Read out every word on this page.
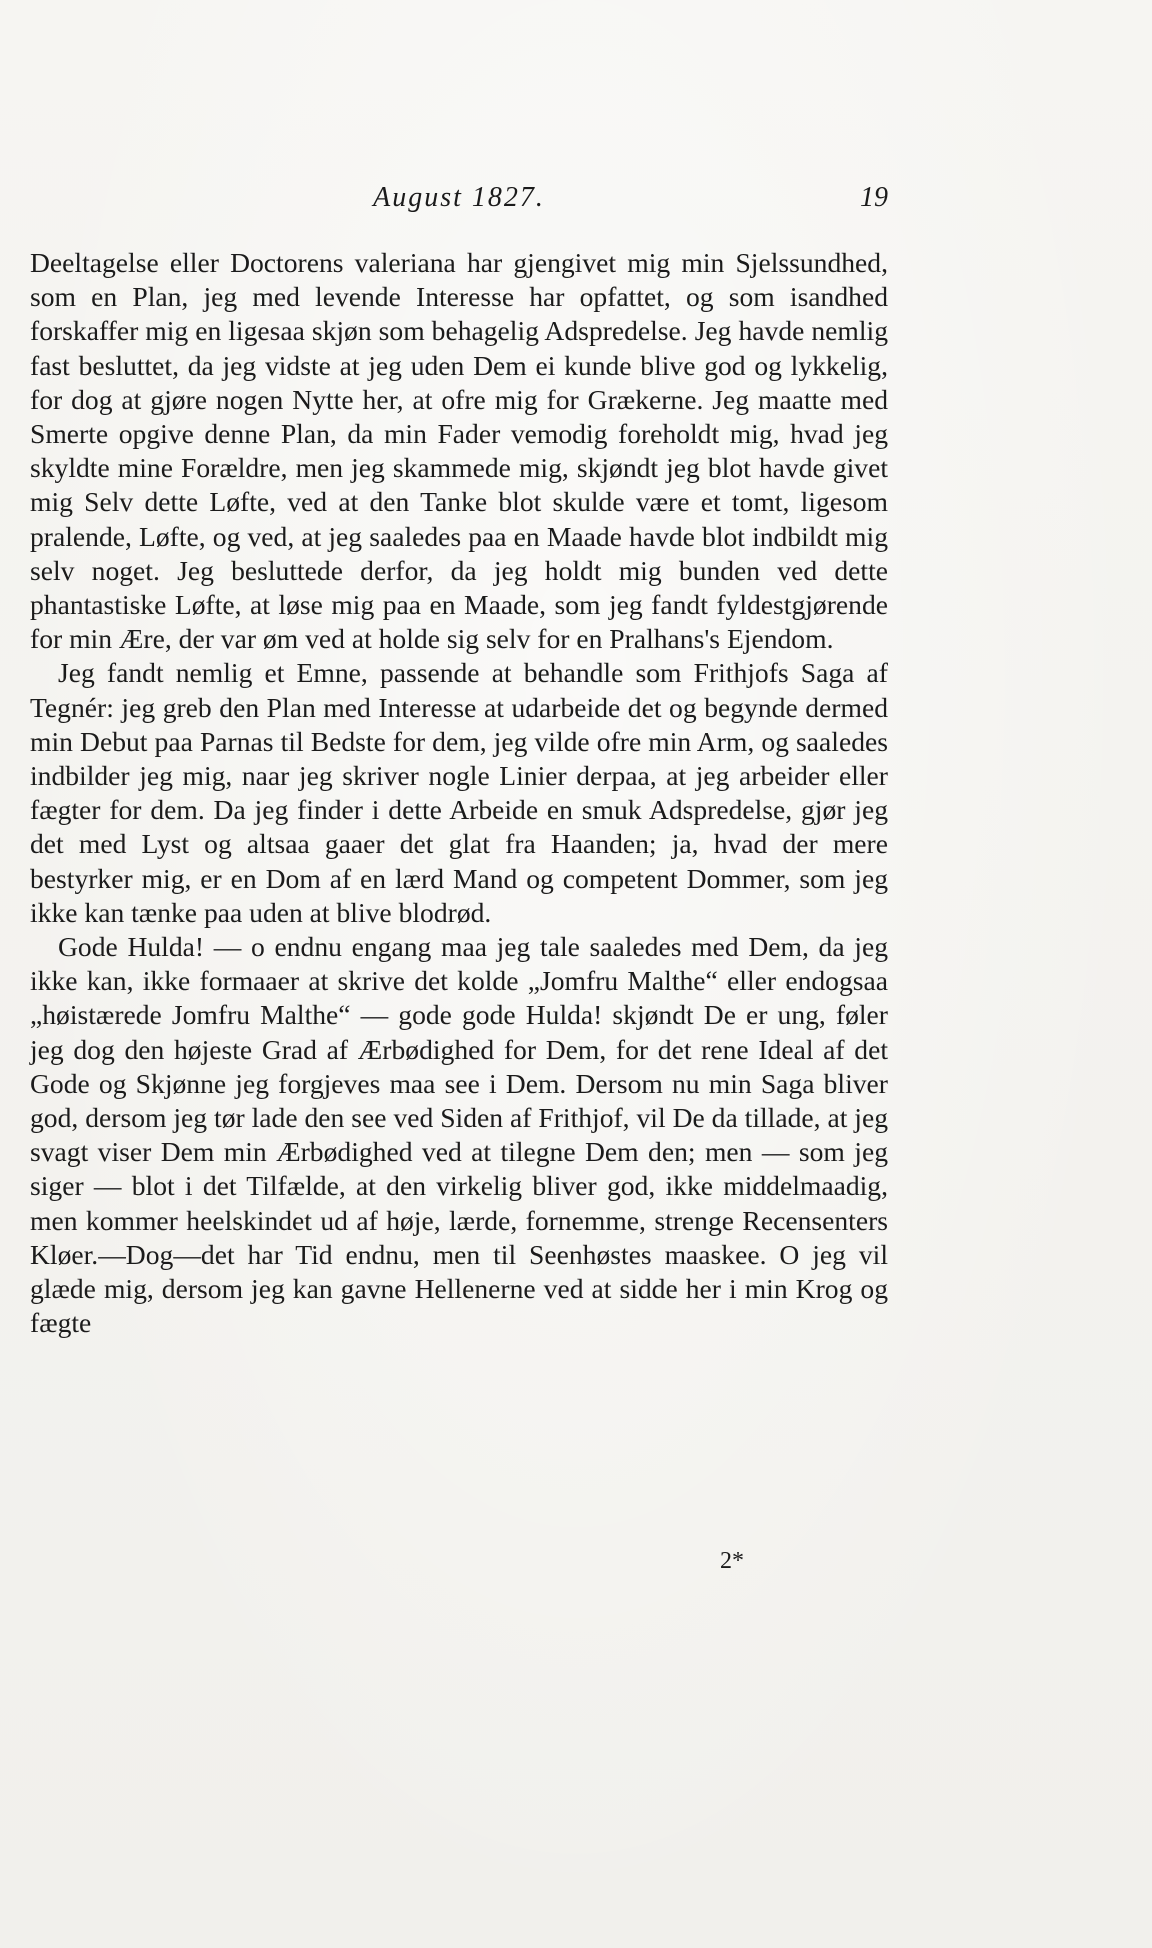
August 1827.	19

Deeltagelse eller Doctorens valeriana har gjengivet mig min Sjelssundhed, som en Plan, jeg med levende Interesse har opfattet, og som isandhed forskaffer mig en ligesaa skjøn som behagelig Adspredelse. Jeg havde nemlig fast besluttet, da jeg vidste at jeg uden Dem ei kunde blive god og lykkelig, for dog at gjøre nogen Nytte her, at ofre mig for Grækerne. Jeg maatte med Smerte opgive denne Plan, da min Fader vemodig foreholdt mig, hvad jeg skyldte mine Forældre, men jeg skammede mig, skjøndt jeg blot havde givet mig Selv dette Løfte, ved at den Tanke blot skulde være et tomt, ligesom pralende, Løfte, og ved, at jeg saaledes paa en Maade havde blot indbildt mig selv noget. Jeg besluttede derfor, da jeg holdt mig bunden ved dette phantastiske Løfte, at løse mig paa en Maade, som jeg fandt fyldestgjørende for min Ære, der var øm ved at holde sig selv for en Pralhans's Ejendom.

Jeg fandt nemlig et Emne, passende at behandle som Frithjofs Saga af Tegnér: jeg greb den Plan med Interesse at udarbeide det og begynde dermed min Debut paa Parnas til Bedste for dem, jeg vilde ofre min Arm, og saaledes indbilder jeg mig, naar jeg skriver nogle Linier derpaa, at jeg arbeider eller fægter for dem. Da jeg finder i dette Arbeide en smuk Adspredelse, gjør jeg det med Lyst og altsaa gaaer det glat fra Haanden; ja, hvad der mere bestyrker mig, er en Dom af en lærd Mand og competent Dommer, som jeg ikke kan tænke paa uden at blive blodrød.

Gode Hulda! — o endnu engang maa jeg tale saaledes med Dem, da jeg ikke kan, ikke formaaer at skrive det kolde „Jomfru Malthe“ eller endogsaa „høistærede Jomfru Malthe“ — gode gode Hulda! skjøndt De er ung, føler jeg dog den højeste Grad af Ærbødighed for Dem, for det rene Ideal af det Gode og Skjønne jeg forgjeves maa see i Dem. Dersom nu min Saga bliver god, dersom jeg tør lade den see ved Siden af Frithjof, vil De da tillade, at jeg svagt viser Dem min Ærbødighed ved at tilegne Dem den; men — som jeg siger — blot i det Tilfælde, at den virkelig bliver god, ikke middelmaadig, men kommer heelskindet ud af høje, lærde, fornemme, strenge Recensenters Kløer.—Dog—det har Tid endnu, men til Seenhøstes maaskee. O jeg vil glæde mig, dersom jeg kan gavne Hellenerne ved at sidde her i min Krog og fægte

2*
